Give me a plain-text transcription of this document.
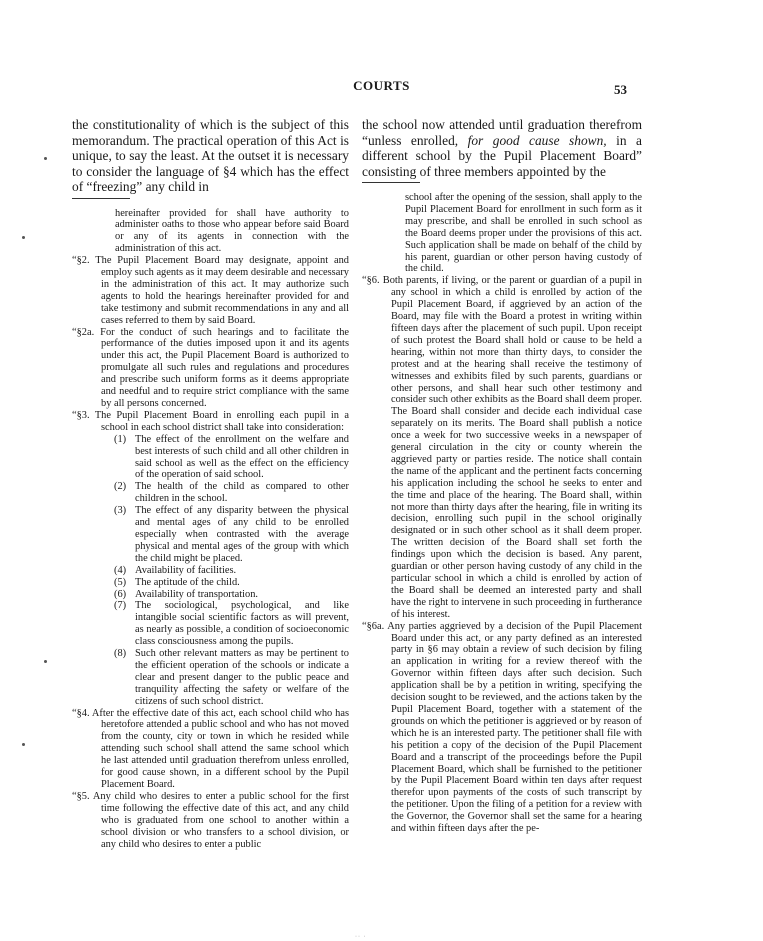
COURTS	53

the constitutionality of which is the subject of this memorandum. The practical operation of this Act is unique, to say the least. At the outset it is necessary to consider the language of §4 which has the effect of “freezing” any child in

hereinafter provided for shall have authority to administer oaths to those who appear before said Board or any of its agents in connection with the administration of this act.

“§2. The Pupil Placement Board may designate, appoint and employ such agents as it may deem desirable and necessary in the administration of this act. It may authorize such agents to hold the hearings hereinafter provided for and take testimony and submit recommendations in any and all cases referred to them by said Board.

“§2a. For the conduct of such hearings and to facilitate the performance of the duties imposed upon it and its agents under this act, the Pupil Placement Board is authorized to promulgate all such rules and regulations and procedures and prescribe such uniform forms as it deems appropriate and needful and to require strict compliance with the same by all persons concerned.

“§3. The Pupil Placement Board in enrolling each pupil in a school in each school district shall take into consideration:

(1) The effect of the enrollment on the welfare and best interests of such child and all other children in said school as well as the effect on the efficiency of the operation of said school.
(2) The health of the child as compared to other children in the school.
(3) The effect of any disparity between the physical and mental ages of any child to be enrolled especially when contrasted with the average physical and mental ages of the group with which the child might be placed.
(4) Availability of facilities.
(5) The aptitude of the child.
(6) Availability of transportation.
(7) The sociological, psychological, and like intangible social scientific factors as will prevent, as nearly as possible, a condition of socioeconomic class consciousness among the pupils.
(8) Such other relevant matters as may be pertinent to the efficient operation of the schools or indicate a clear and present danger to the public peace and tranquility affecting the safety or welfare of the citizens of such school district.

“§4. After the effective date of this act, each school child who has heretofore attended a public school and who has not moved from the county, city or town in which he resided while attending such school shall attend the same school which he last attended until graduation therefrom unless enrolled, for good cause shown, in a different school by the Pupil Placement Board.

“§5. Any child who desires to enter a public school for the first time following the effective date of this act, and any child who is graduated from one school to another within a school division or who transfers to a school division, or any child who desires to enter a public

the school now attended until graduation therefrom “unless enrolled, for good cause shown, in a different school by the Pupil Placement Board” consisting of three members appointed by the

school after the opening of the session, shall apply to the Pupil Placement Board for enrollment in such form as it may prescribe, and shall be enrolled in such school as the Board deems proper under the provisions of this act. Such application shall be made on behalf of the child by his parent, guardian or other person having custody of the child.

“§6. Both parents, if living, or the parent or guardian of a pupil in any school in which a child is enrolled by action of the Pupil Placement Board, if aggrieved by an action of the Board, may file with the Board a protest in writing within fifteen days after the placement of such pupil. Upon receipt of such protest the Board shall hold or cause to be held a hearing, within not more than thirty days, to consider the protest and at the hearing shall receive the testimony of witnesses and exhibits filed by such parents, guardians or other persons, and shall hear such other testimony and consider such other exhibits as the Board shall deem proper. The Board shall consider and decide each individual case separately on its merits. The Board shall publish a notice once a week for two successive weeks in a newspaper of general circulation in the city or county wherein the aggrieved party or parties reside. The notice shall contain the name of the applicant and the pertinent facts concerning his application including the school he seeks to enter and the time and place of the hearing. The Board shall, within not more than thirty days after the hearing, file in writing its decision, enrolling such pupil in the school originally designated or in such other school as it shall deem proper. The written decision of the Board shall set forth the findings upon which the decision is based. Any parent, guardian or other person having custody of any child in the particular school in which a child is enrolled by action of the Board shall be deemed an interested party and shall have the right to intervene in such proceeding in furtherance of his interest.

“§6a. Any parties aggrieved by a decision of the Pupil Placement Board under this act, or any party defined as an interested party in §6 may obtain a review of such decision by filing an application in writing for a review thereof with the Governor within fifteen days after such decision. Such application shall be by a petition in writing, specifying the decision sought to be reviewed, and the actions taken by the Pupil Placement Board, together with a statement of the grounds on which the petitioner is aggrieved or by reason of which he is an interested party. The petitioner shall file with his petition a copy of the decision of the Pupil Placement Board and a transcript of the proceedings before the Pupil Placement Board, which shall be furnished to the petitioner by the Pupil Placement Board within ten days after request therefor upon payments of the costs of such transcript by the petitioner. Upon the filing of a petition for a review with the Governor, the Governor shall set the same for a hearing and within fifteen days after the pe-

·· ·
